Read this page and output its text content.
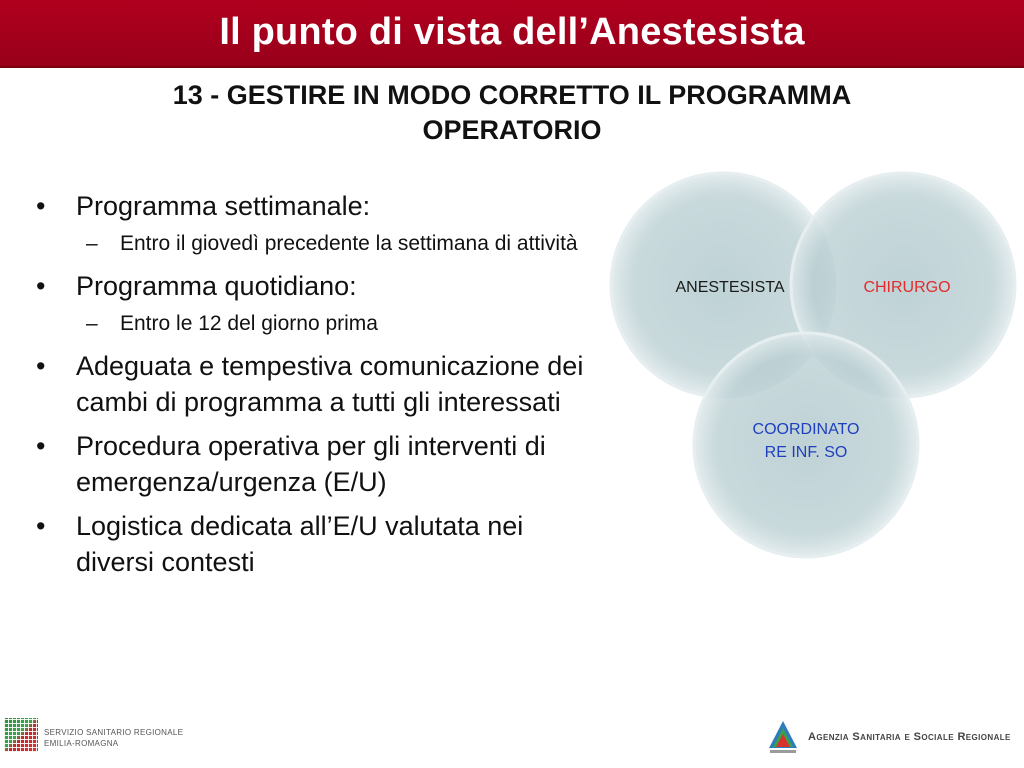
Il punto di vista dell’Anestesista
13 - GESTIRE IN MODO CORRETTO IL PROGRAMMA
OPERATORIO
• Programma settimanale:
– Entro il giovedì precedente la settimana di attività
• Programma quotidiano:
– Entro le 12 del giorno prima
• Adeguata e tempestiva comunicazione dei cambi di programma a tutti gli interessati
• Procedura operativa per gli interventi di emergenza/urgenza (E/U)
• Logistica dedicata all’E/U valutata nei diversi contesti
ANESTESISTA	CHIRURGO
COORDINATO
RE INF. SO
SERVIZIO SANITARIO REGIONALE
EMILIA-ROMAGNA
Agenzia Sanitaria e Sociale Regionale
